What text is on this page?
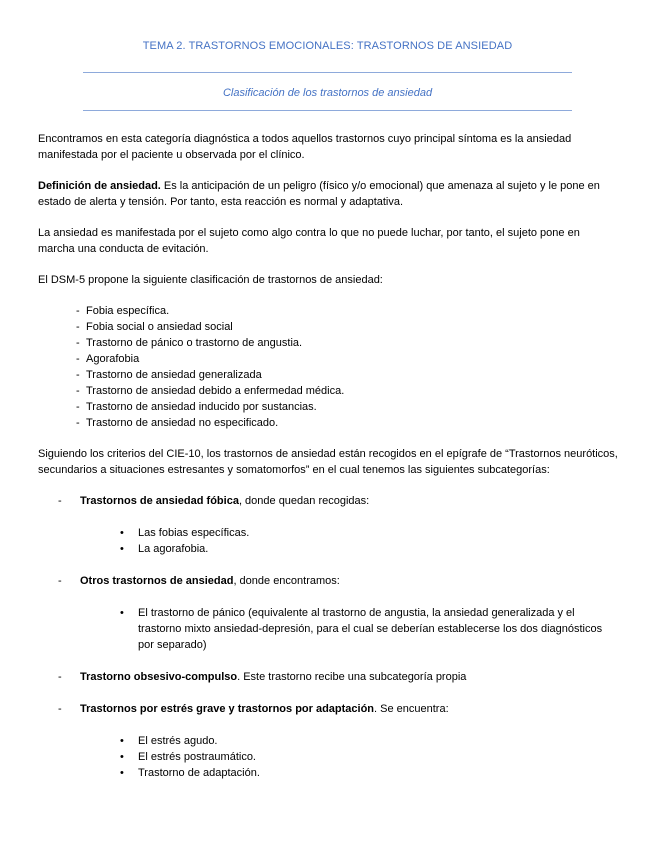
TEMA 2. TRASTORNOS EMOCIONALES: TRASTORNOS DE ANSIEDAD
Clasificación de los trastornos de ansiedad

Encontramos en esta categoría diagnóstica a todos aquellos trastornos cuyo principal síntoma es la ansiedad manifestada por el paciente u observada por el clínico.

Definición de ansiedad. Es la anticipación de un peligro (físico y/o emocional) que amenaza al sujeto y le pone en estado de alerta y tensión. Por tanto, esta reacción es normal y adaptativa.

La ansiedad es manifestada por el sujeto como algo contra lo que no puede luchar, por tanto, el sujeto pone en marcha una conducta de evitación.

El DSM-5 propone la siguiente clasificación de trastornos de ansiedad:

- Fobia específica.
- Fobia social o ansiedad social
- Trastorno de pánico o trastorno de angustia.
- Agorafobia
- Trastorno de ansiedad generalizada
- Trastorno de ansiedad debido a enfermedad médica.
- Trastorno de ansiedad inducido por sustancias.
- Trastorno de ansiedad no especificado.

Siguiendo los criterios del CIE-10, los trastornos de ansiedad están recogidos en el epígrafe de “Trastornos neuróticos, secundarios a situaciones estresantes y somatomorfos” en el cual tenemos las siguientes subcategorías:

- Trastornos de ansiedad fóbica, donde quedan recogidas:
• Las fobias específicas.
• La agorafobia.
- Otros trastornos de ansiedad, donde encontramos:
• El trastorno de pánico (equivalente al trastorno de angustia, la ansiedad generalizada y el trastorno mixto ansiedad-depresión, para el cual se deberían establecerse los dos diagnósticos por separado)
- Trastorno obsesivo-compulso. Este trastorno recibe una subcategoría propia
- Trastornos por estrés grave y trastornos por adaptación. Se encuentra:
• El estrés agudo.
• El estrés postraumático.
• Trastorno de adaptación.
